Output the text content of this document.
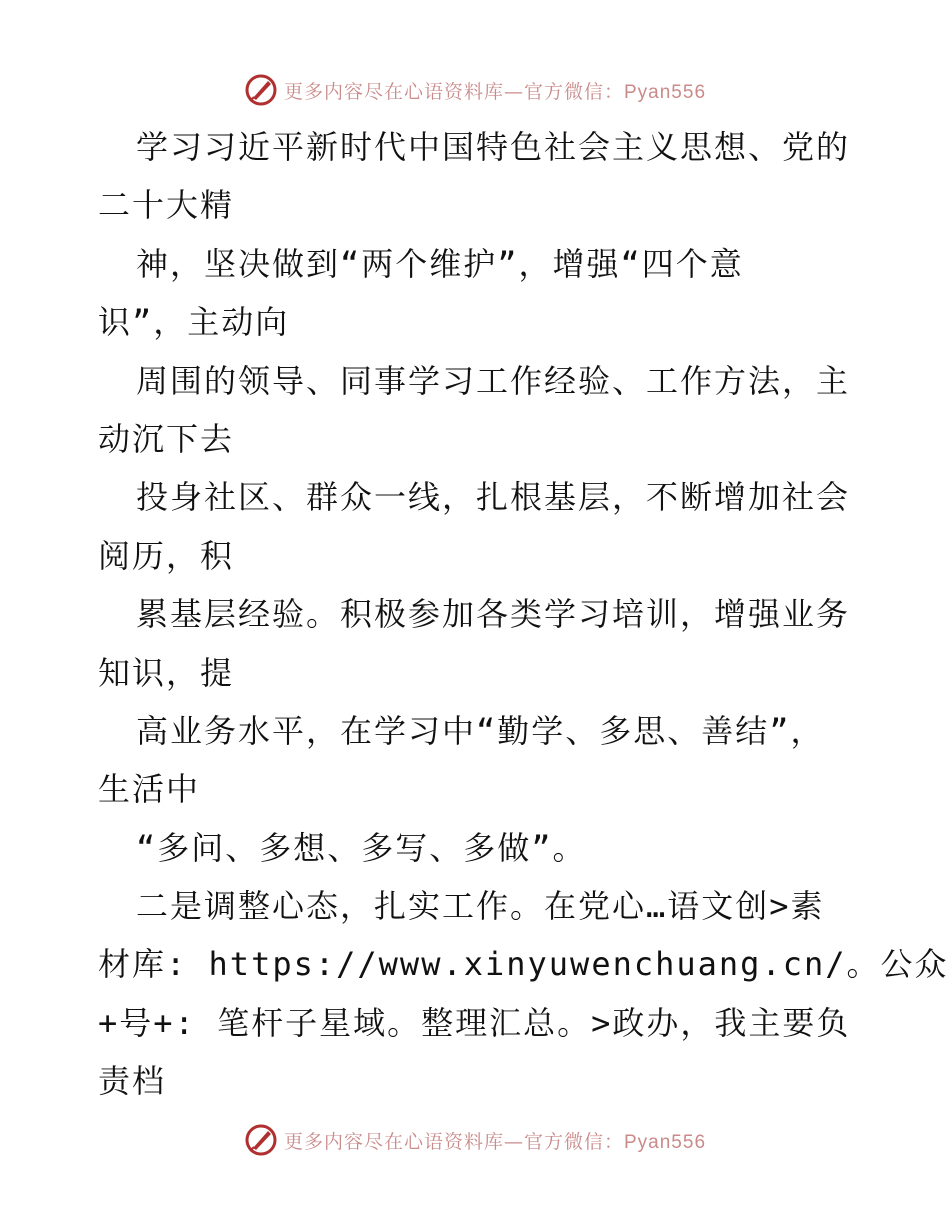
更多内容尽在心语资料库—官方微信：Pyan556
学习习近平新时代中国特色社会主义思想、党的
二十大精
神，坚决做到“两个维护”，增强“四个意
识”，主动向
周围的领导、同事学习工作经验、工作方法，主
动沉下去
投身社区、群众一线，扎根基层，不断增加社会
阅历，积
累基层经验。积极参加各类学习培训，增强业务
知识，提
高业务水平，在学习中“勤学、多思、善结”，
生活中
“多问、多想、多写、多做”。
二是调整心态，扎实工作。在党心…语文创>素
材库: https://www.xinyuwenchuang.cn/。公众
+号+: 笔杆子星域。整理汇总。>政办，我主要负
责档
更多内容尽在心语资料库—官方微信：Pyan556
